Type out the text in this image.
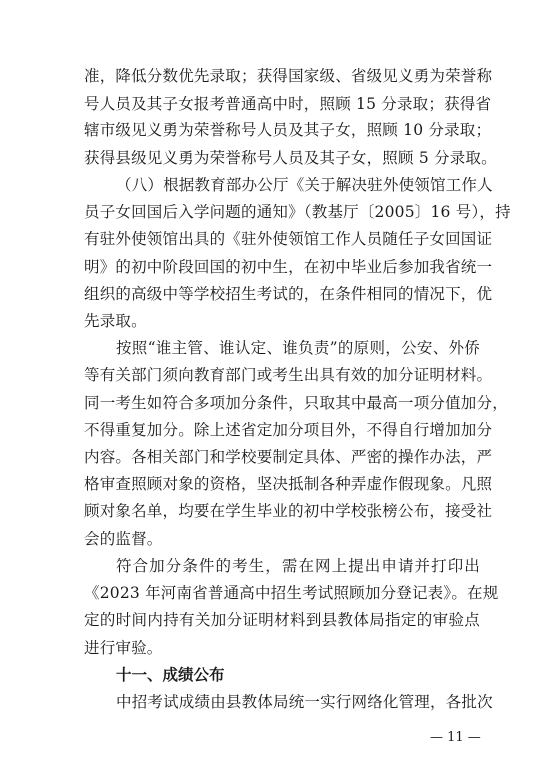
准，降低分数优先录取；获得国家级、省级见义勇为荣誉称
号人员及其子女报考普通高中时，照顾 15 分录取；获得省
辖市级见义勇为荣誉称号人员及其子女，照顾 10 分录取；
获得县级见义勇为荣誉称号人员及其子女，照顾 5 分录取。
（八）根据教育部办公厅《关于解决驻外使领馆工作人
员子女回国后入学问题的通知》（教基厅〔2005〕16 号），持
有驻外使领馆出具的《驻外使领馆工作人员随任子女回国证
明》的初中阶段回国的初中生，在初中毕业后参加我省统一
组织的高级中等学校招生考试的，在条件相同的情况下，优
先录取。
按照“谁主管、谁认定、谁负责”的原则，公安、外侨
等有关部门须向教育部门或考生出具有效的加分证明材料。
同一考生如符合多项加分条件，只取其中最高一项分值加分，
不得重复加分。除上述省定加分项目外，不得自行增加加分
内容。各相关部门和学校要制定具体、严密的操作办法，严
格审查照顾对象的资格，坚决抵制各种弄虚作假现象。凡照
顾对象名单，均要在学生毕业的初中学校张榜公布，接受社
会的监督。
符合加分条件的考生，需在网上提出申请并打印出
《2023 年河南省普通高中招生考试照顾加分登记表》。在规
定的时间内持有关加分证明材料到县教体局指定的审验点
进行审验。
十一、成绩公布
中招考试成绩由县教体局统一实行网络化管理，各批次
— 11 —
